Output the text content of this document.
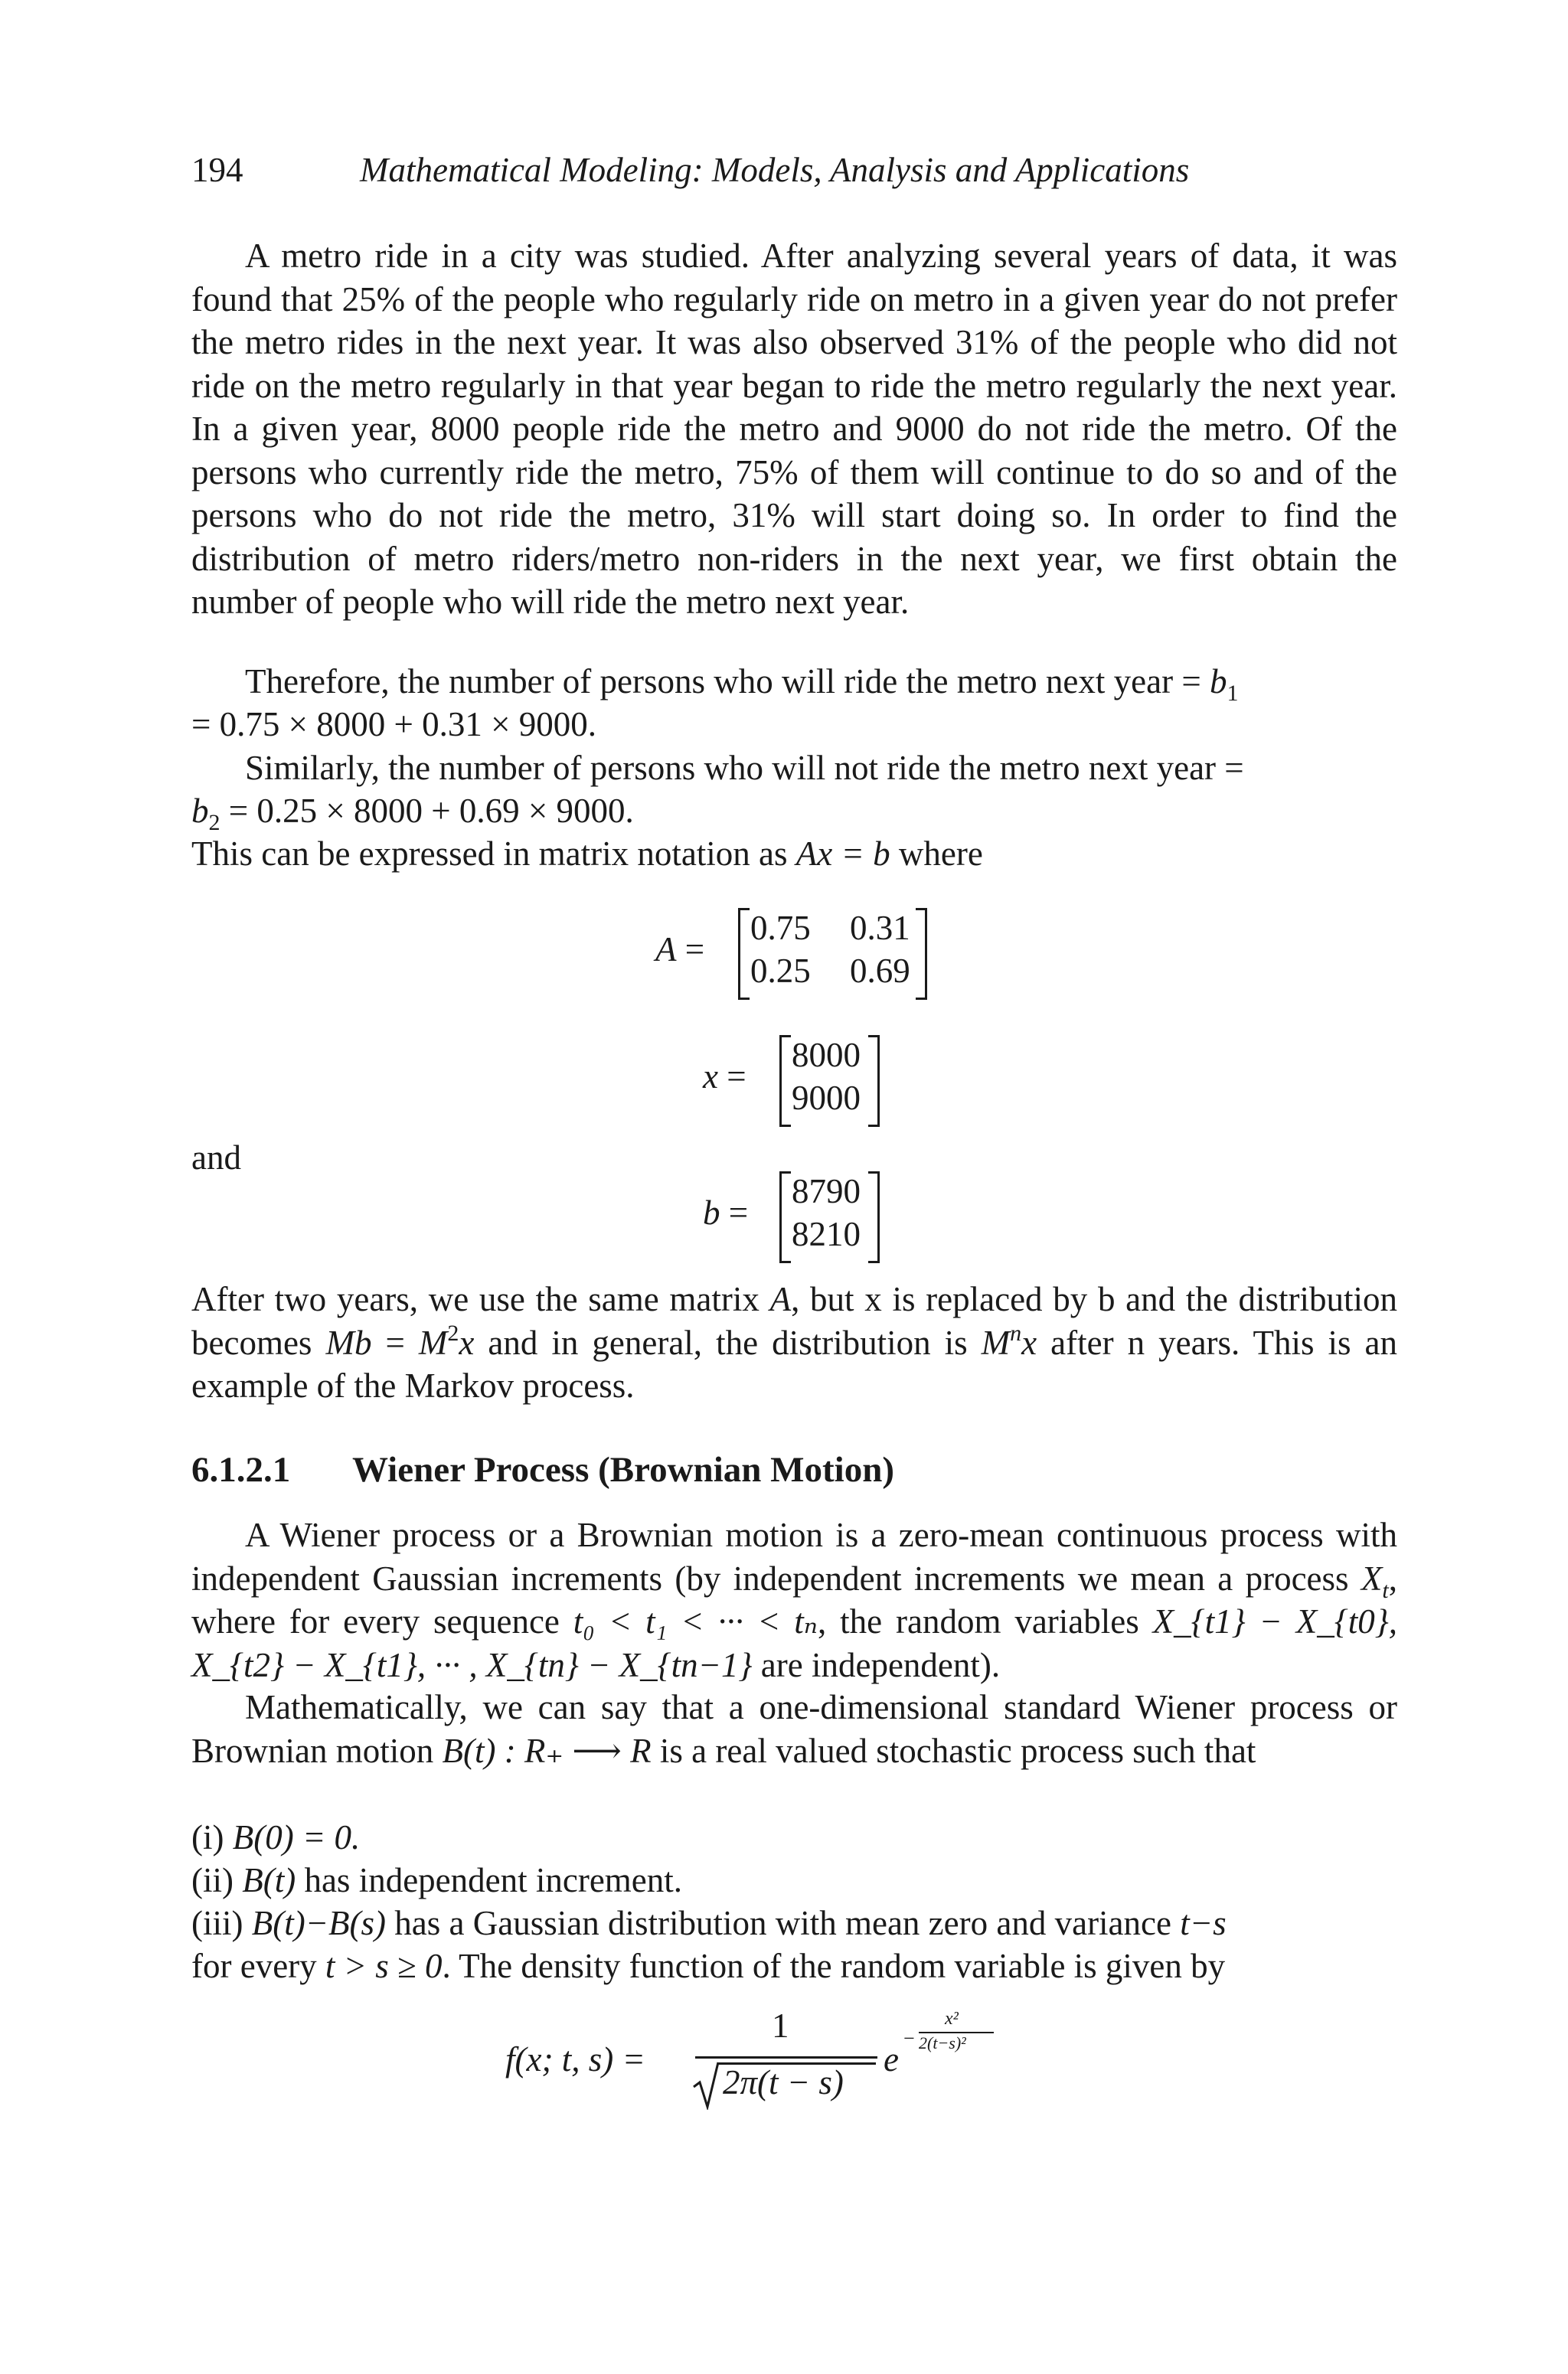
194	Mathematical Modeling: Models, Analysis and Applications

A metro ride in a city was studied. After analyzing several years of data, it was found that 25% of the people who regularly ride on metro in a given year do not prefer the metro rides in the next year. It was also observed 31% of the people who did not ride on the metro regularly in that year began to ride the metro regularly the next year. In a given year, 8000 people ride the metro and 9000 do not ride the metro. Of the persons who currently ride the metro, 75% of them will continue to do so and of the persons who do not ride the metro, 31% will start doing so. In order to find the distribution of metro riders/metro non-riders in the next year, we first obtain the number of people who will ride the metro next year.

Therefore, the number of persons who will ride the metro next year = $b_1$

= 0.75 × 8000 + 0.31 × 9000.

Similarly, the number of persons who will not ride the metro next year =

$b_2 = 0.25 \times 8000 + 0.69 \times 9000$.

This can be expressed in matrix notation as Ax = b where

A =
0.75 0.31
0.25 0.69
x =
8000
9000
and
b =
8790
8210

After two years, we use the same matrix A, but x is replaced by b and the distribution becomes $Mb = M^2x$ and in general, the distribution is $M^nx$ after n years. This is an example of the Markov process.

6.1.2.1 Wiener Process (Brownian Motion)

A Wiener process or a Brownian motion is a zero-mean continuous process with independent Gaussian increments (by independent increments we mean a process $X_t$, where for every sequence t₀ < t₁ < ··· < tₙ, the random variables X_{t1} − X_{t0}, X_{t2} − X_{t1}, ··· , X_{tn} − X_{tn−1} are independent).

Mathematically, we can say that a one-dimensional standard Wiener process or Brownian motion B(t) : R₊ ⟶ R is a real valued stochastic process such that

(i) B(0) = 0.

(ii) B(t) has independent increment.

(iii) B(t)−B(s) has a Gaussian distribution with mean zero and variance t−s

for every t > s ≥ 0. The density function of the random variable is given by

f(x; t, s) =
1
2π(t − s)
e
−
x²
2(t−s)²
